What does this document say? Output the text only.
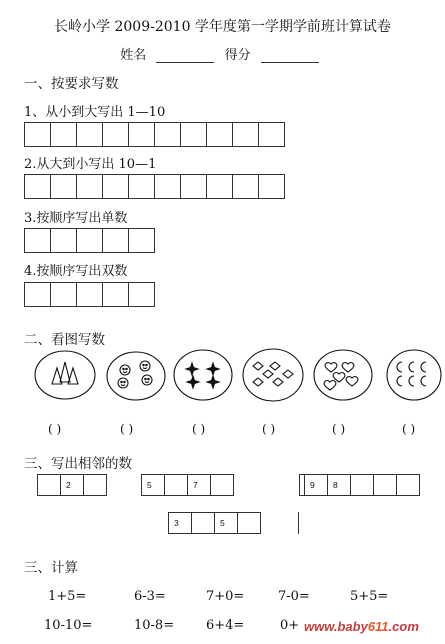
长岭小学 2009-2010 学年度第一学期学前班计算试卷
姓名	得分
一、按要求写数
1、从小到大写出 1—10
2.从大到小写出 10—1
3.按顺序写出单数
4.按顺序写出双数
二、看图写数
( )	( )	( )	( )	( )	( )
三、写出相邻的数
2	5	7	9	8
3	5
三、计算
1+5=	6-3=	7+0=	7-0=	5+5=
10-10=	10-8= 6+4=	0+ www.baby611.com
